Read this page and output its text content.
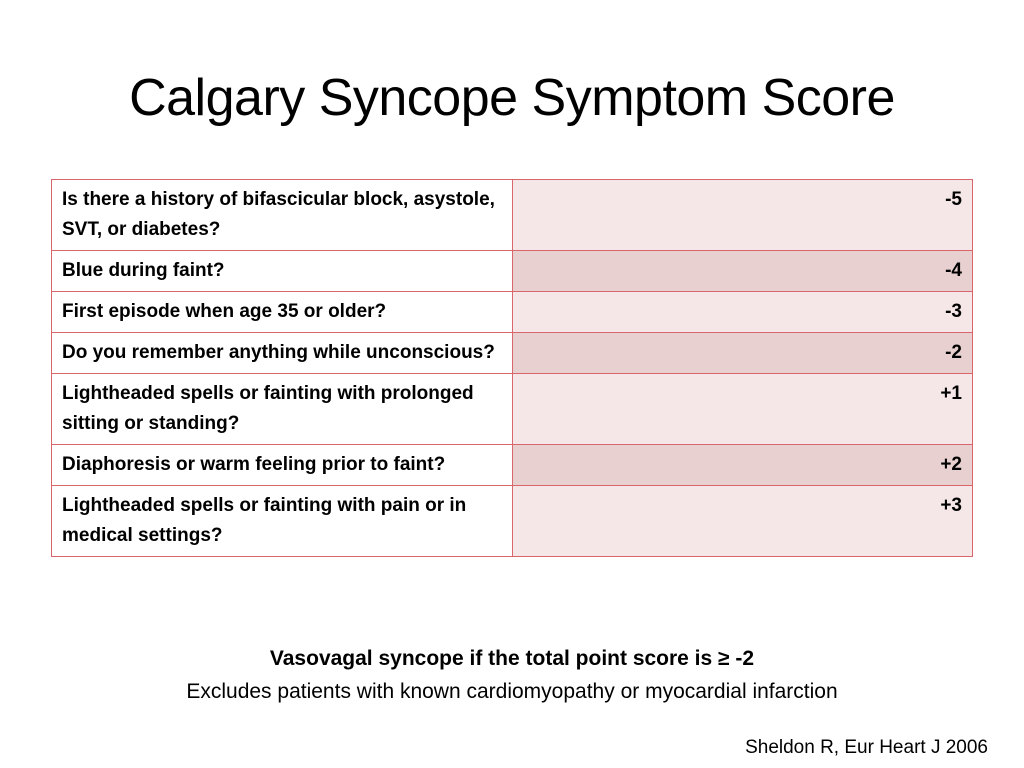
Calgary Syncope Symptom Score
Is there a history of bifascicular block, asystole, SVT, or diabetes?	-5
Blue during faint?	-4
First episode when age 35 or older?	-3
Do you remember anything while unconscious?	-2
Lightheaded spells or fainting with prolonged sitting or standing?	+1
Diaphoresis or warm feeling prior to faint?	+2
Lightheaded spells or fainting with pain or in medical settings?	+3
Vasovagal syncope if the total point score is ≥ -2
Excludes patients with known cardiomyopathy or myocardial infarction
Sheldon R, Eur Heart J 2006
